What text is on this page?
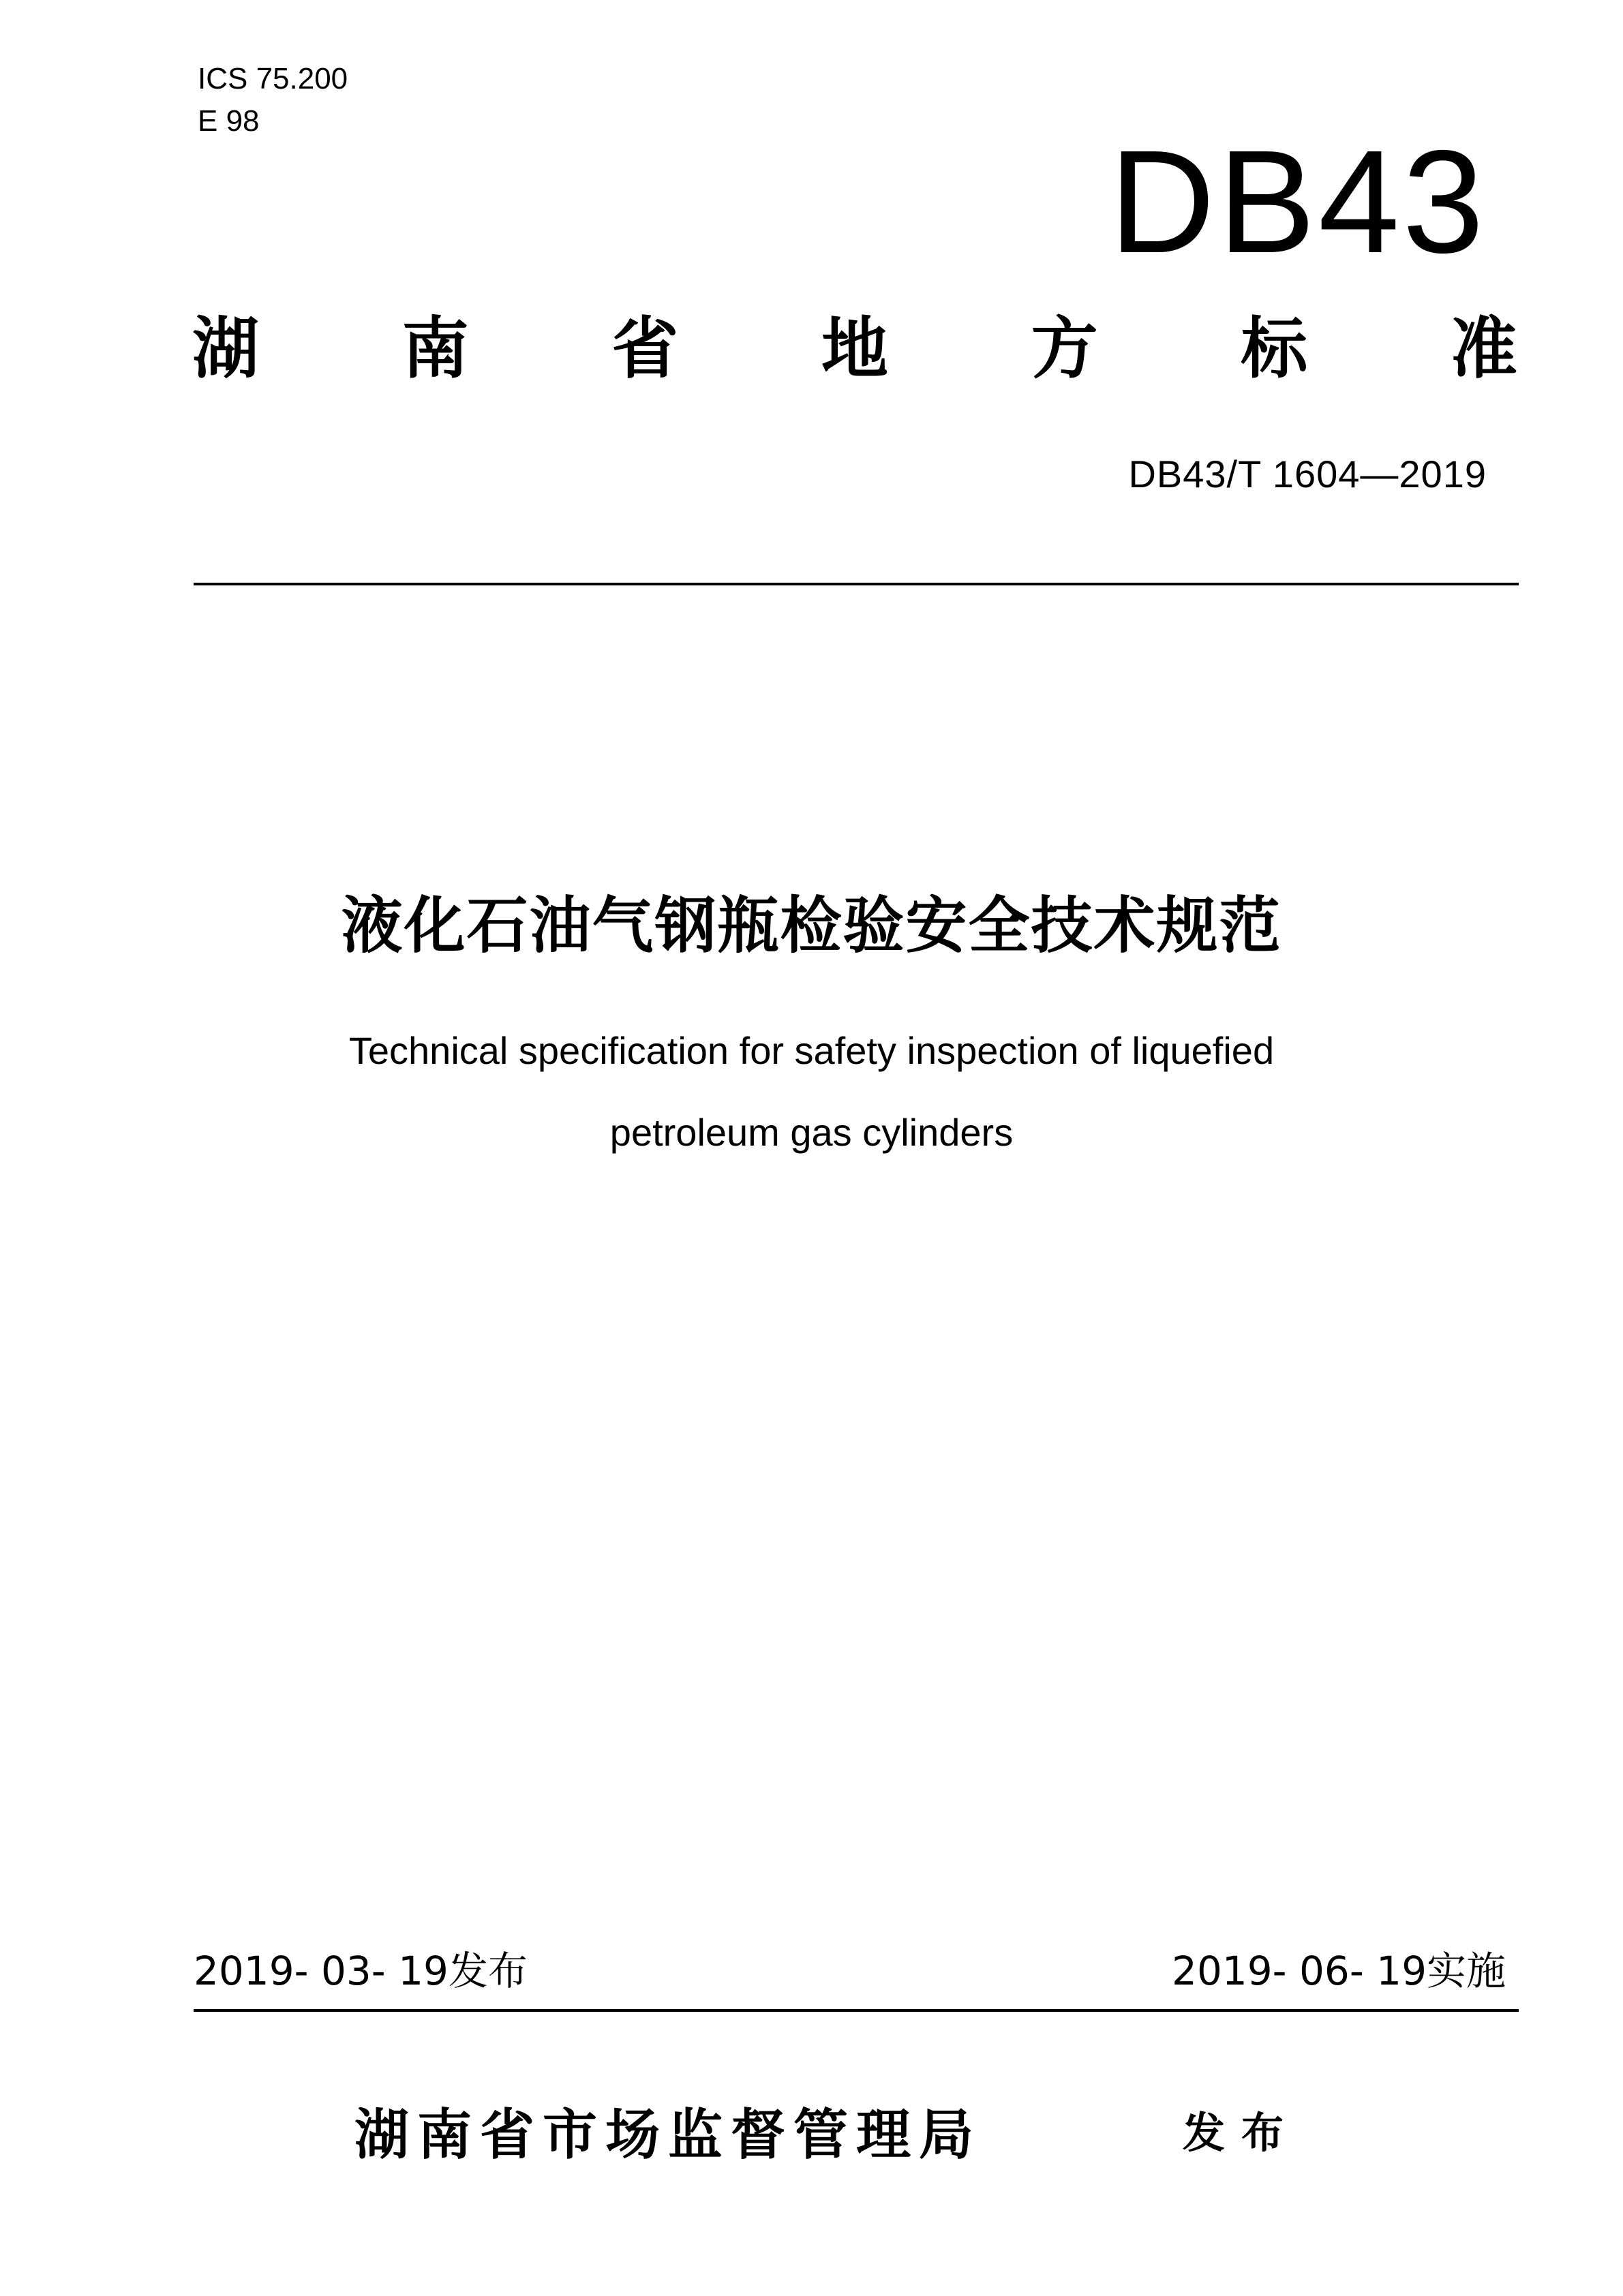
ICS 75.200
E 98	DB43
湖 南 省 地 方 标 准
DB43/T 1604—2019
液化石油气钢瓶检验安全技术规范
Technical specification for safety inspection of liquefied
petroleum gas cylinders
2019- 03- 19发布	2019- 06- 19实施
湖南省市场监督管理局	发布
